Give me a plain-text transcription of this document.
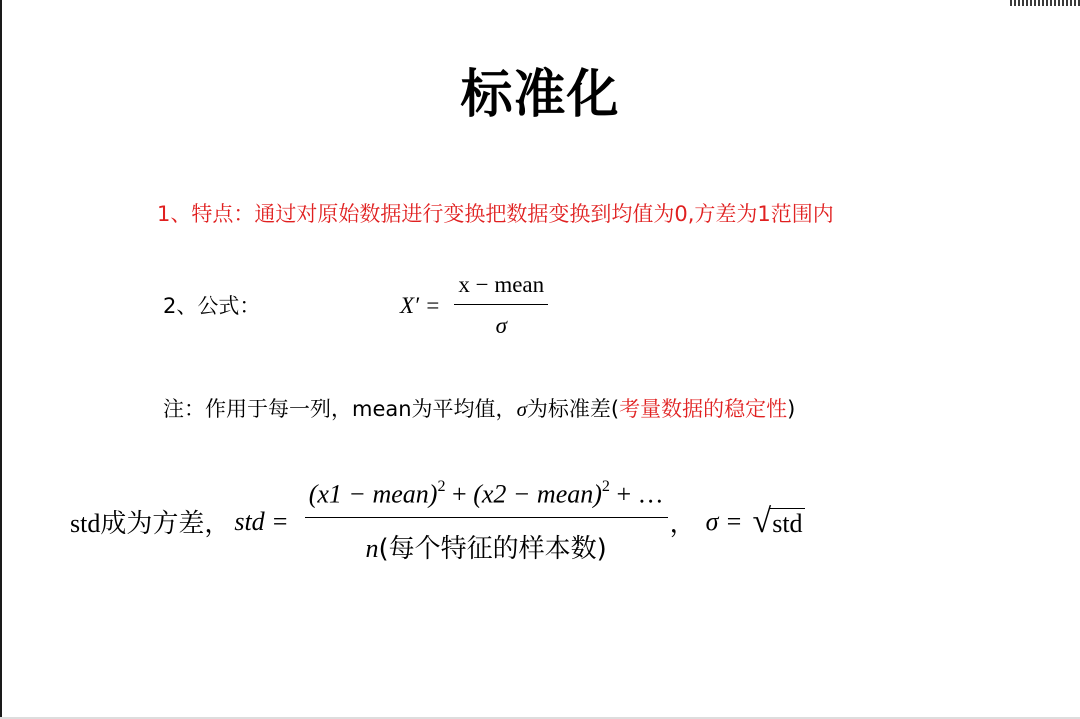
标准化
1、特点：通过对原始数据进行变换把数据变换到均值为0,方差为1范围内
2、公式：	$X' = \frac{\text{x − mean}}{\sigma}$
注：作用于每一列，mean为平均值，σ为标准差(考量数据的稳定性)
std成为方差， std = $\frac{(x1 - mean)^2 + (x2 - mean)^2 + \dots}{\text{n(每个特征的样本数)}}$ ， σ = √ std
